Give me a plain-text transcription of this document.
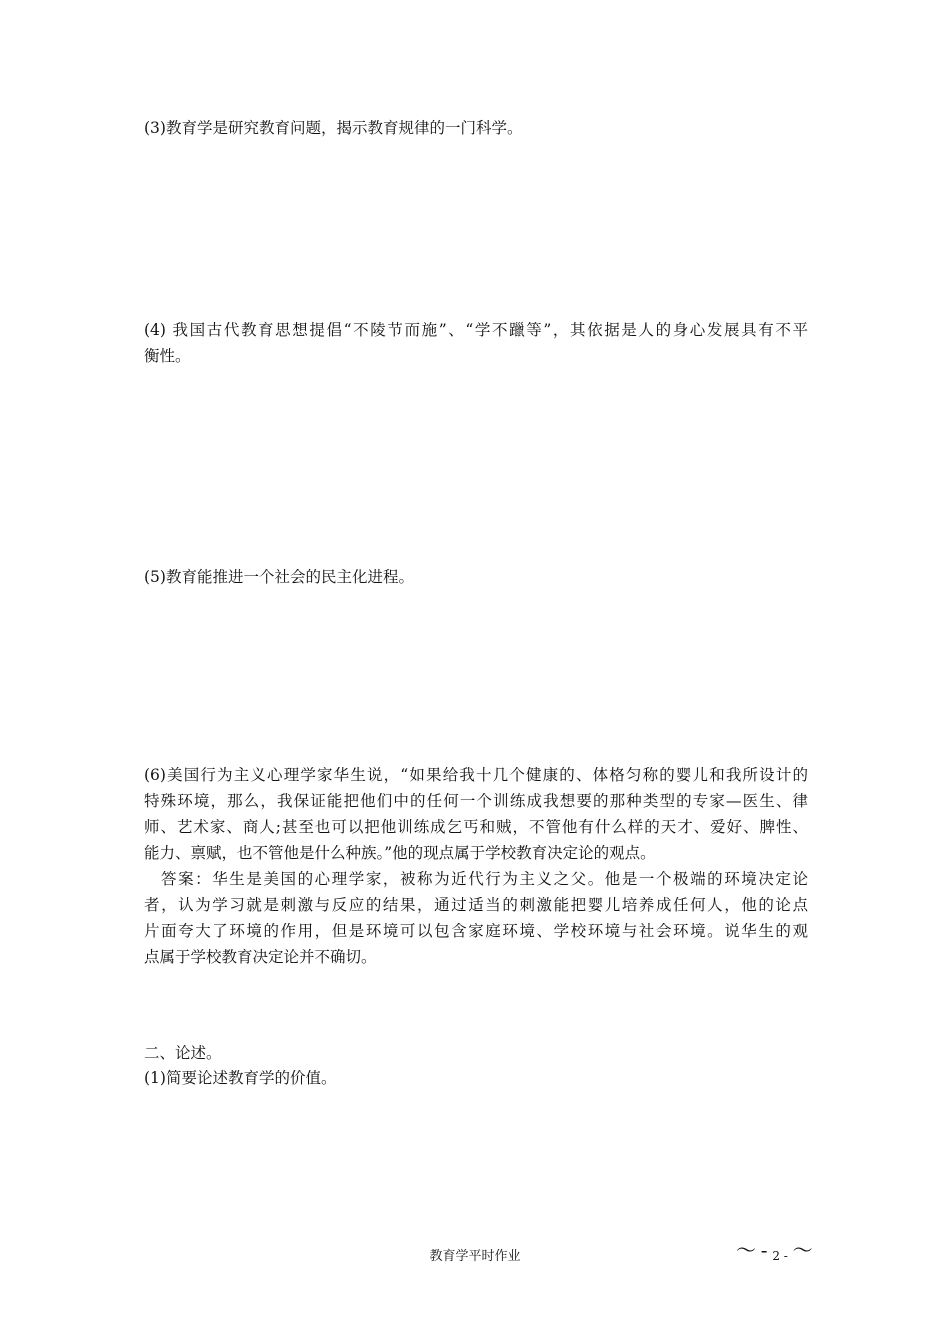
(3)教育学是研究教育问题，揭示教育规律的一门科学。
(4) 我国古代教育思想提倡“不陵节而施”、“学不躐等”，其依据是人的身心发展具有不平
衡性。
(5)教育能推进一个社会的民主化进程。
(6)美国行为主义心理学家华生说，“如果给我十几个健康的、体格匀称的婴儿和我所设计的
特殊环境，那么，我保证能把他们中的任何一个训练成我想要的那种类型的专家—医生、律
师、艺术家、商人;甚至也可以把他训练成乞丐和贼，不管他有什么样的天才、爱好、脾性、
能力、禀赋，也不管他是什么种族。”他的现点属于学校教育决定论的观点。
答案：华生是美国的心理学家，被称为近代行为主义之父。他是一个极端的环境决定论
者，认为学习就是刺激与反应的结果，通过适当的刺激能把婴儿培养成任何人，他的论点
片面夸大了环境的作用，但是环境可以包含家庭环境、学校环境与社会环境。说华生的观
点属于学校教育决定论并不确切。
二、论述。
(1)简要论述教育学的价值。
教育学平时作业	～ - $_{2 -}$ ～
